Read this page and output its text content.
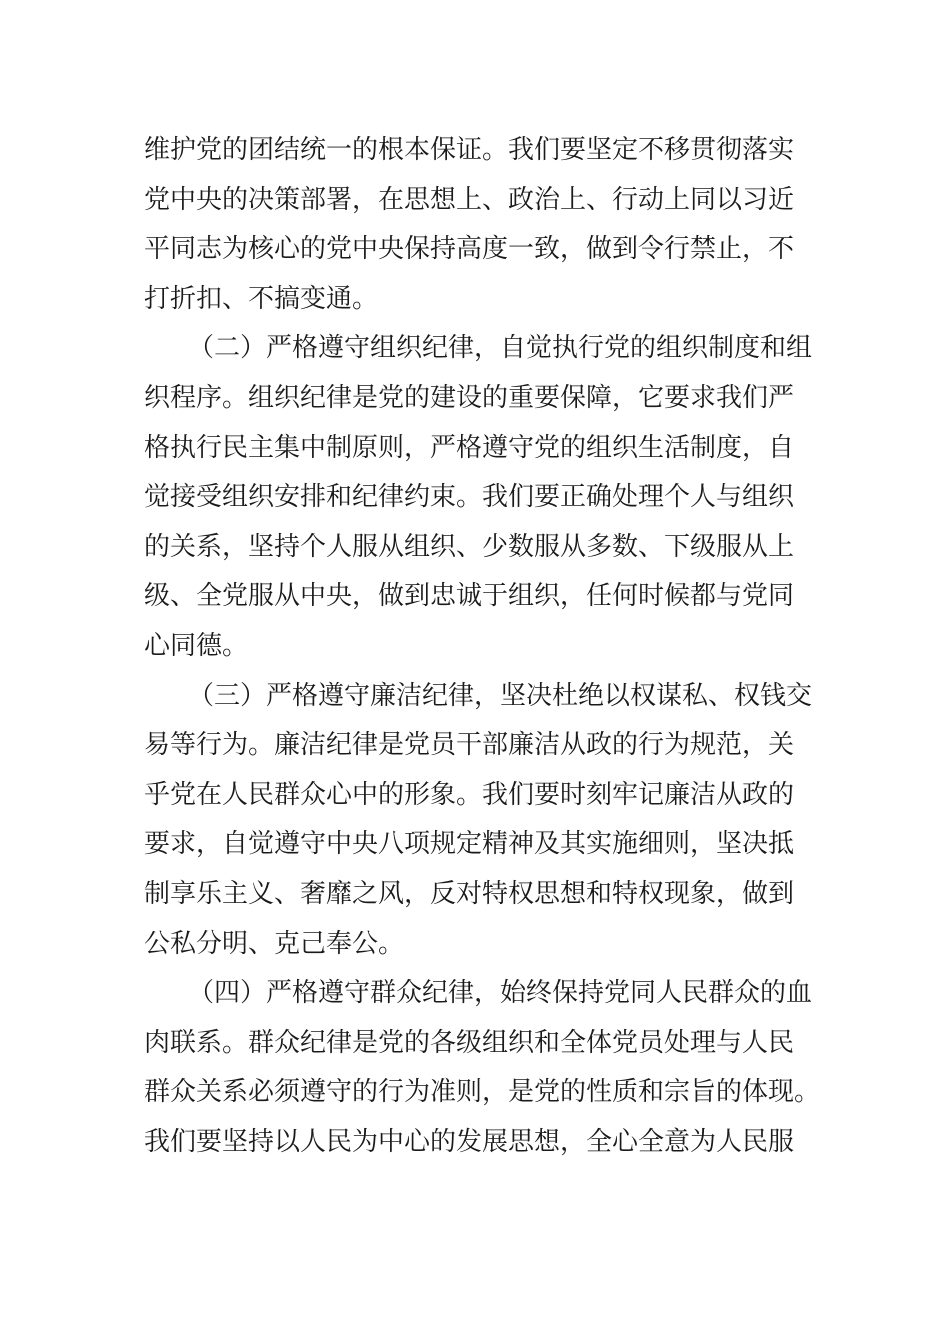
维护党的团结统一的根本保证。我们要坚定不移贯彻落实
党中央的决策部署，在思想上、政治上、行动上同以习近
平同志为核心的党中央保持高度一致，做到令行禁止，不
打折扣、不搞变通。
（二）严格遵守组织纪律，自觉执行党的组织制度和组
织程序。组织纪律是党的建设的重要保障，它要求我们严
格执行民主集中制原则，严格遵守党的组织生活制度，自
觉接受组织安排和纪律约束。我们要正确处理个人与组织
的关系，坚持个人服从组织、少数服从多数、下级服从上
级、全党服从中央，做到忠诚于组织，任何时候都与党同
心同德。
（三）严格遵守廉洁纪律，坚决杜绝以权谋私、权钱交
易等行为。廉洁纪律是党员干部廉洁从政的行为规范，关
乎党在人民群众心中的形象。我们要时刻牢记廉洁从政的
要求，自觉遵守中央八项规定精神及其实施细则，坚决抵
制享乐主义、奢靡之风，反对特权思想和特权现象，做到
公私分明、克己奉公。
（四）严格遵守群众纪律，始终保持党同人民群众的血
肉联系。群众纪律是党的各级组织和全体党员处理与人民
群众关系必须遵守的行为准则，是党的性质和宗旨的体现。
我们要坚持以人民为中心的发展思想，全心全意为人民服
